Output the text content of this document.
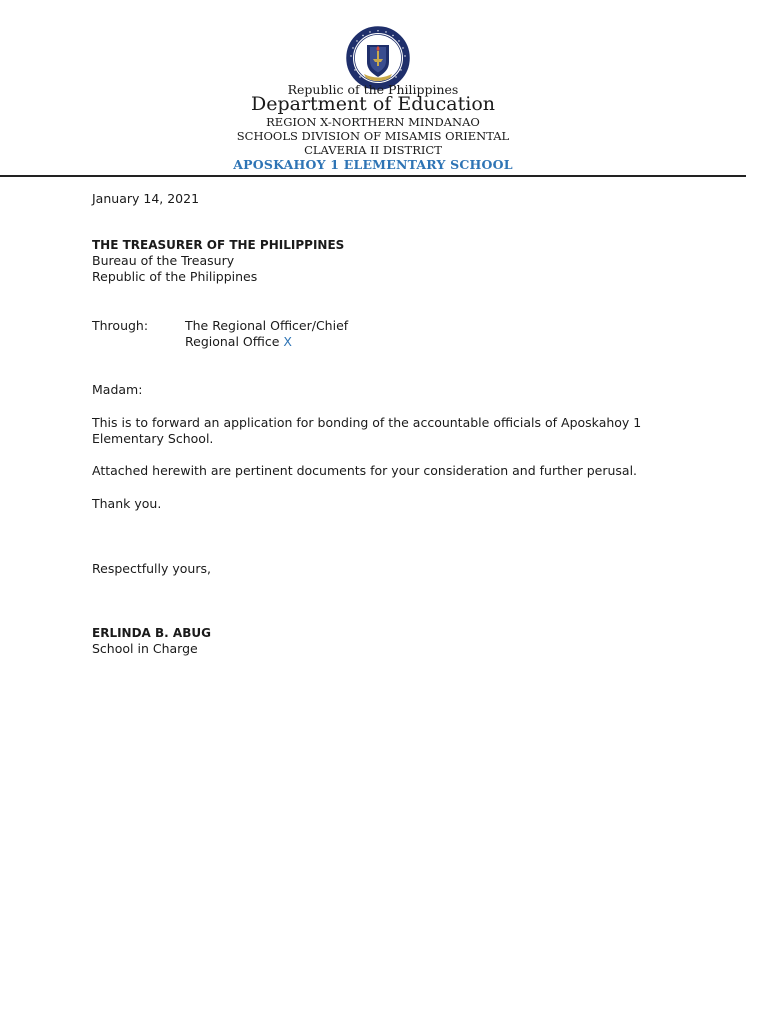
Republic of the Philippines
Department of Education
REGION X-NORTHERN MINDANAO
SCHOOLS DIVISION OF MISAMIS ORIENTAL
CLAVERIA II DISTRICT
APOSKAHOY 1 ELEMENTARY SCHOOL
January 14, 2021
THE TREASURER OF THE PHILIPPINES
Bureau of the Treasury
Republic of the Philippines
Through:	The Regional Officer/Chief
Regional Office X
Madam:
This is to forward an application for bonding of the accountable officials of Aposkahoy 1
Elementary School.
Attached herewith are pertinent documents for your consideration and further perusal.
Thank you.
Respectfully yours,
ERLINDA B. ABUG
School in Charge
